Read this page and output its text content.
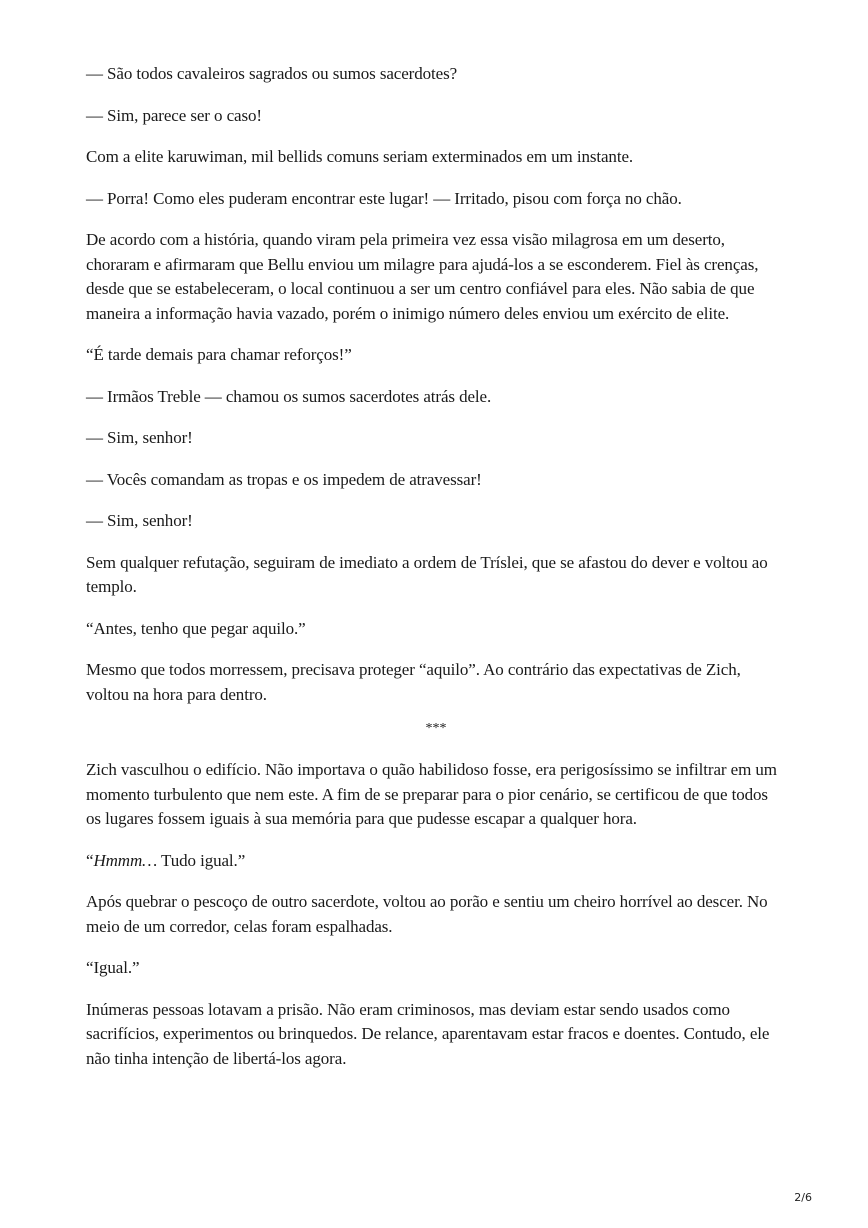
— São todos cavaleiros sagrados ou sumos sacerdotes?

— Sim, parece ser o caso!

Com a elite karuwiman, mil bellids comuns seriam exterminados em um instante.

— Porra! Como eles puderam encontrar este lugar! — Irritado, pisou com força no chão.

De acordo com a história, quando viram pela primeira vez essa visão milagrosa em um deserto, choraram e afirmaram que Bellu enviou um milagre para ajudá-los a se esconderem. Fiel às crenças, desde que se estabeleceram, o local continuou a ser um centro confiável para eles. Não sabia de que maneira a informação havia vazado, porém o inimigo número deles enviou um exército de elite.

“É tarde demais para chamar reforços!”

— Irmãos Treble — chamou os sumos sacerdotes atrás dele.

— Sim, senhor!

— Vocês comandam as tropas e os impedem de atravessar!

— Sim, senhor!

Sem qualquer refutação, seguiram de imediato a ordem de Tríslei, que se afastou do dever e voltou ao templo.

“Antes, tenho que pegar aquilo.”

Mesmo que todos morressem, precisava proteger “aquilo”. Ao contrário das expectativas de Zich, voltou na hora para dentro.

***

Zich vasculhou o edifício. Não importava o quão habilidoso fosse, era perigosíssimo se infiltrar em um momento turbulento que nem este. A fim de se preparar para o pior cenário, se certificou de que todos os lugares fossem iguais à sua memória para que pudesse escapar a qualquer hora.

“Hmmm… Tudo igual.”

Após quebrar o pescoço de outro sacerdote, voltou ao porão e sentiu um cheiro horrível ao descer. No meio de um corredor, celas foram espalhadas.

“Igual.”

Inúmeras pessoas lotavam a prisão. Não eram criminosos, mas deviam estar sendo usados como sacrifícios, experimentos ou brinquedos. De relance, aparentavam estar fracos e doentes. Contudo, ele não tinha intenção de libertá-los agora.

2/6
